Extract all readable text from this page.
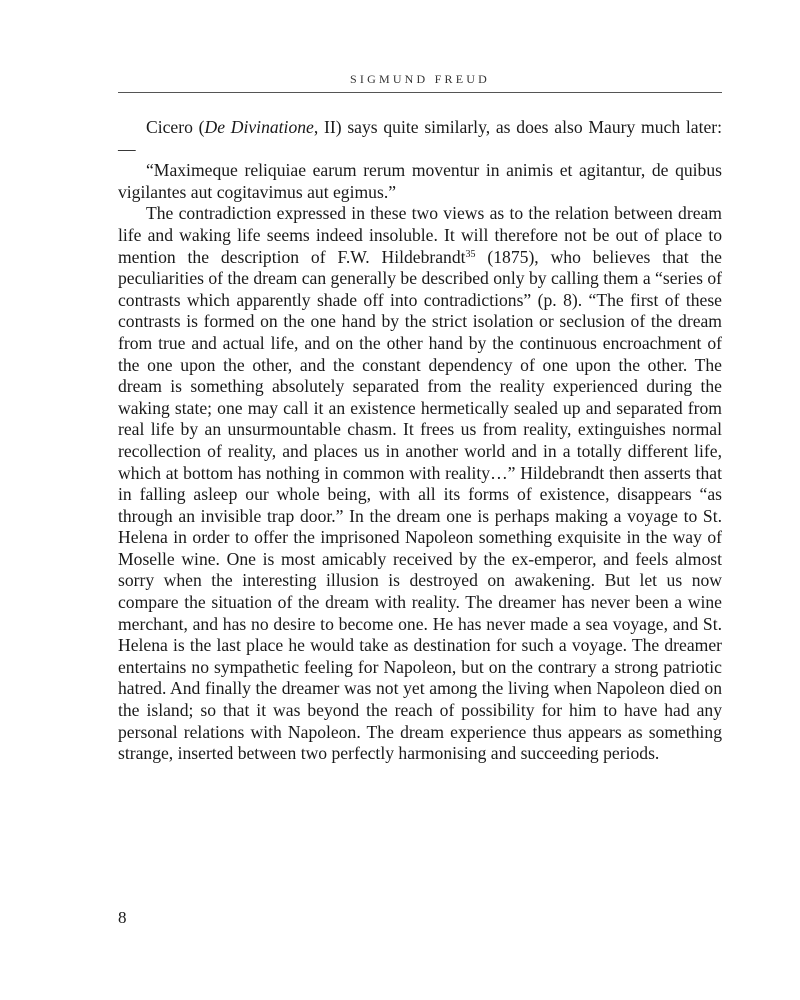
SIGMUND FREUD

Cicero (De Divinatione, II) says quite similarly, as does also Maury much later:—

“Maximeque reliquiae earum rerum moventur in animis et agitantur, de quibus vigilantes aut cogitavimus aut egimus.”

The contradiction expressed in these two views as to the relation between dream life and waking life seems indeed insoluble. It will therefore not be out of place to mention the description of F.W. Hildebrandt$^{35}$ (1875), who believes that the peculiarities of the dream can generally be described only by calling them a “series of contrasts which apparently shade off into contradictions” (p. 8). “The first of these contrasts is formed on the one hand by the strict isolation or seclusion of the dream from true and actual life, and on the other hand by the continuous encroachment of the one upon the other, and the constant dependency of one upon the other. The dream is something absolutely separated from the reality experienced during the waking state; one may call it an existence hermetically sealed up and separated from real life by an unsurmountable chasm. It frees us from reality, extinguishes normal recollection of reality, and places us in another world and in a totally different life, which at bottom has nothing in common with reality…” Hildebrandt then asserts that in falling asleep our whole being, with all its forms of existence, disappears “as through an invisible trap door.” In the dream one is perhaps making a voyage to St. Helena in order to offer the imprisoned Napoleon something exquisite in the way of Moselle wine. One is most amicably received by the ex-emperor, and feels almost sorry when the interesting illusion is destroyed on awakening. But let us now compare the situation of the dream with reality. The dreamer has never been a wine merchant, and has no desire to become one. He has never made a sea voyage, and St. Helena is the last place he would take as destination for such a voyage. The dreamer entertains no sympathetic feeling for Napoleon, but on the contrary a strong patriotic hatred. And finally the dreamer was not yet among the living when Napoleon died on the island; so that it was beyond the reach of possibility for him to have had any personal relations with Napoleon. The dream experience thus appears as something strange, inserted between two perfectly harmonising and succeeding periods.

8
